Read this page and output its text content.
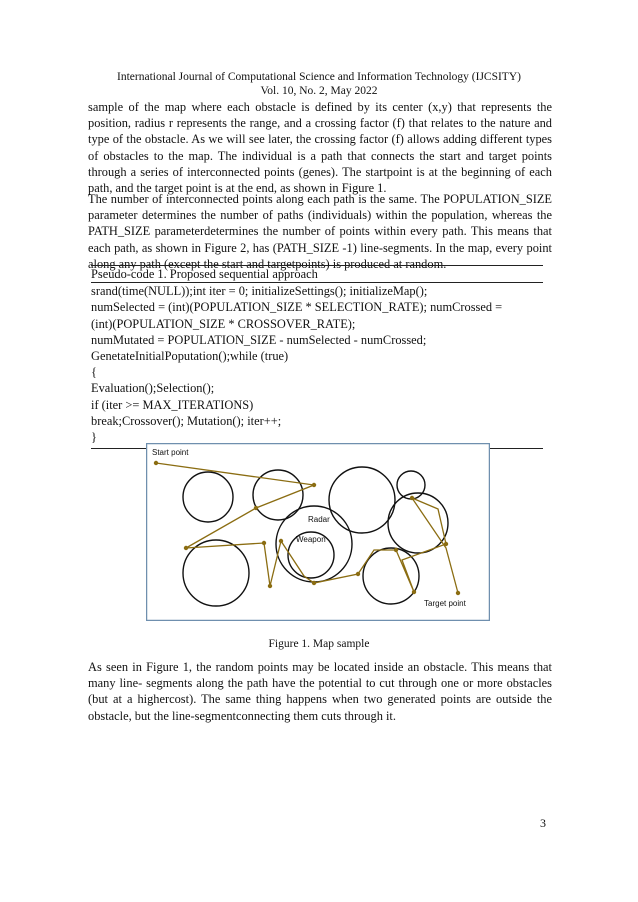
International Journal of Computational Science and Information Technology (IJCSITY)
Vol. 10, No. 2, May 2022

sample of the map where each obstacle is defined by its center (x,y) that represents the position, radius r represents the range, and a crossing factor (f) that relates to the nature and type of the obstacle. As we will see later, the crossing factor (f) allows adding different types of obstacles to the map. The individual is a path that connects the start and target points through a series of interconnected points (genes). The startpoint is at the beginning of each path, and the target point is at the end, as shown in Figure 1.

The number of interconnected points along each path is the same. The POPULATION_SIZE parameter determines the number of paths (individuals) within the population, whereas the PATH_SIZE parameterdetermines the number of points within every path. This means that each path, as shown in Figure 2, has (PATH_SIZE -1) line-segments. In the map, every point along any path (except the start and targetpoints) is produced at random.

Pseudo-code 1. Proposed sequential approach
srand(time(NULL));int iter = 0; initializeSettings(); initializeMap();
numSelected = (int)(POPULATION_SIZE * SELECTION_RATE); numCrossed =
(int)(POPULATION_SIZE * CROSSOVER_RATE);
numMutated = POPULATION_SIZE - numSelected - numCrossed;
GenetateInitialPoputation();while (true)
{
Evaluation();Selection();
if (iter >= MAX_ITERATIONS)
break;Crossover(); Mutation(); iter++;
}
Start point
Radar
Weapon
Target point
Figure 1. Map sample

As seen in Figure 1, the random points may be located inside an obstacle. This means that many line- segments along the path have the potential to cut through one or more obstacles (but at a highercost). The same thing happens when two generated points are outside the obstacle, but the line-segmentconnecting them cuts through it.

3
